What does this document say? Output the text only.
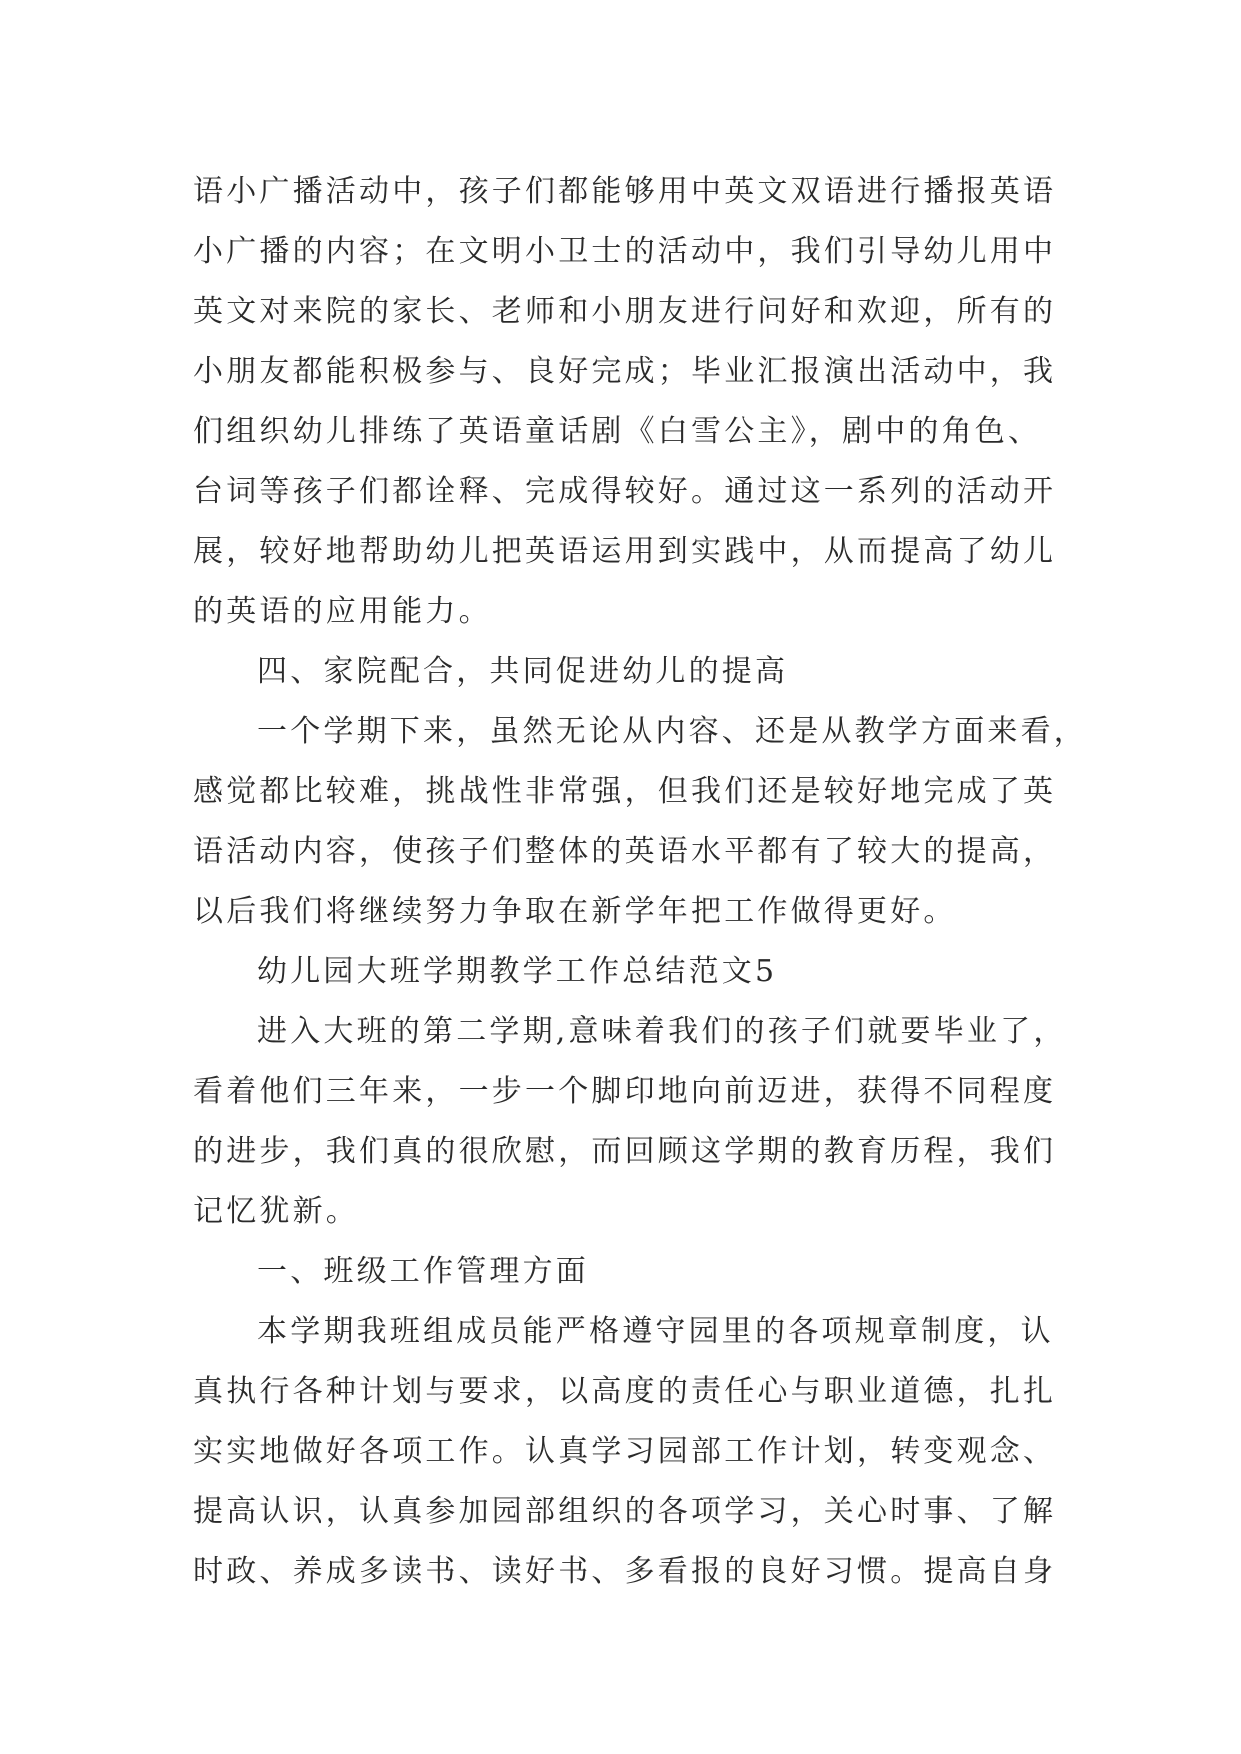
语小广播活动中，孩子们都能够用中英文双语进行播报英语
小广播的内容；在文明小卫士的活动中，我们引导幼儿用中
英文对来院的家长、老师和小朋友进行问好和欢迎，所有的
小朋友都能积极参与、良好完成；毕业汇报演出活动中，我
们组织幼儿排练了英语童话剧《白雪公主》，剧中的角色、
台词等孩子们都诠释、完成得较好。通过这一系列的活动开
展，较好地帮助幼儿把英语运用到实践中，从而提高了幼儿
的英语的应用能力。
四、家院配合，共同促进幼儿的提高
一个学期下来，虽然无论从内容、还是从教学方面来看，
感觉都比较难，挑战性非常强，但我们还是较好地完成了英
语活动内容，使孩子们整体的英语水平都有了较大的提高，
以后我们将继续努力争取在新学年把工作做得更好。
幼儿园大班学期教学工作总结范文5
进入大班的第二学期,意味着我们的孩子们就要毕业了，
看着他们三年来，一步一个脚印地向前迈进，获得不同程度
的进步，我们真的很欣慰，而回顾这学期的教育历程，我们
记忆犹新。
一、班级工作管理方面
本学期我班组成员能严格遵守园里的各项规章制度，认
真执行各种计划与要求，以高度的责任心与职业道德，扎扎
实实地做好各项工作。认真学习园部工作计划，转变观念、
提高认识，认真参加园部组织的各项学习，关心时事、了解
时政、养成多读书、读好书、多看报的良好习惯。提高自身
